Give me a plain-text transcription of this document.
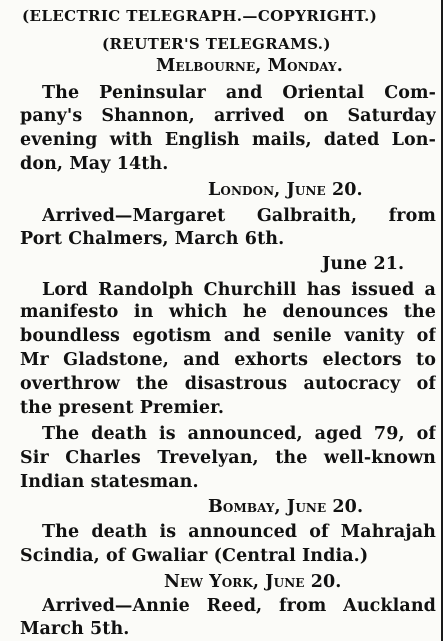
(ELECTRIC TELEGRAPH.—COPYRIGHT.)
(REUTER'S TELEGRAMS.)
Melbourne, Monday.
The Peninsular and Oriental Com-
pany's Shannon, arrived on Saturday
evening with English mails, dated Lon-
don, May 14th.
London, June 20.
Arrived—Margaret Galbraith, from
Port Chalmers, March 6th.
June 21.
Lord Randolph Churchill has issued a
manifesto in which he denounces the
boundless egotism and senile vanity of
Mr Gladstone, and exhorts electors to
overthrow the disastrous autocracy of
the present Premier.
The death is announced, aged 79, of
Sir Charles Trevelyan, the well-known
Indian statesman.
Bombay, June 20.
The death is announced of Mahrajah
Scindia, of Gwaliar (Central India.)
New York, June 20.
Arrived—Annie Reed, from Auckland
March 5th.
